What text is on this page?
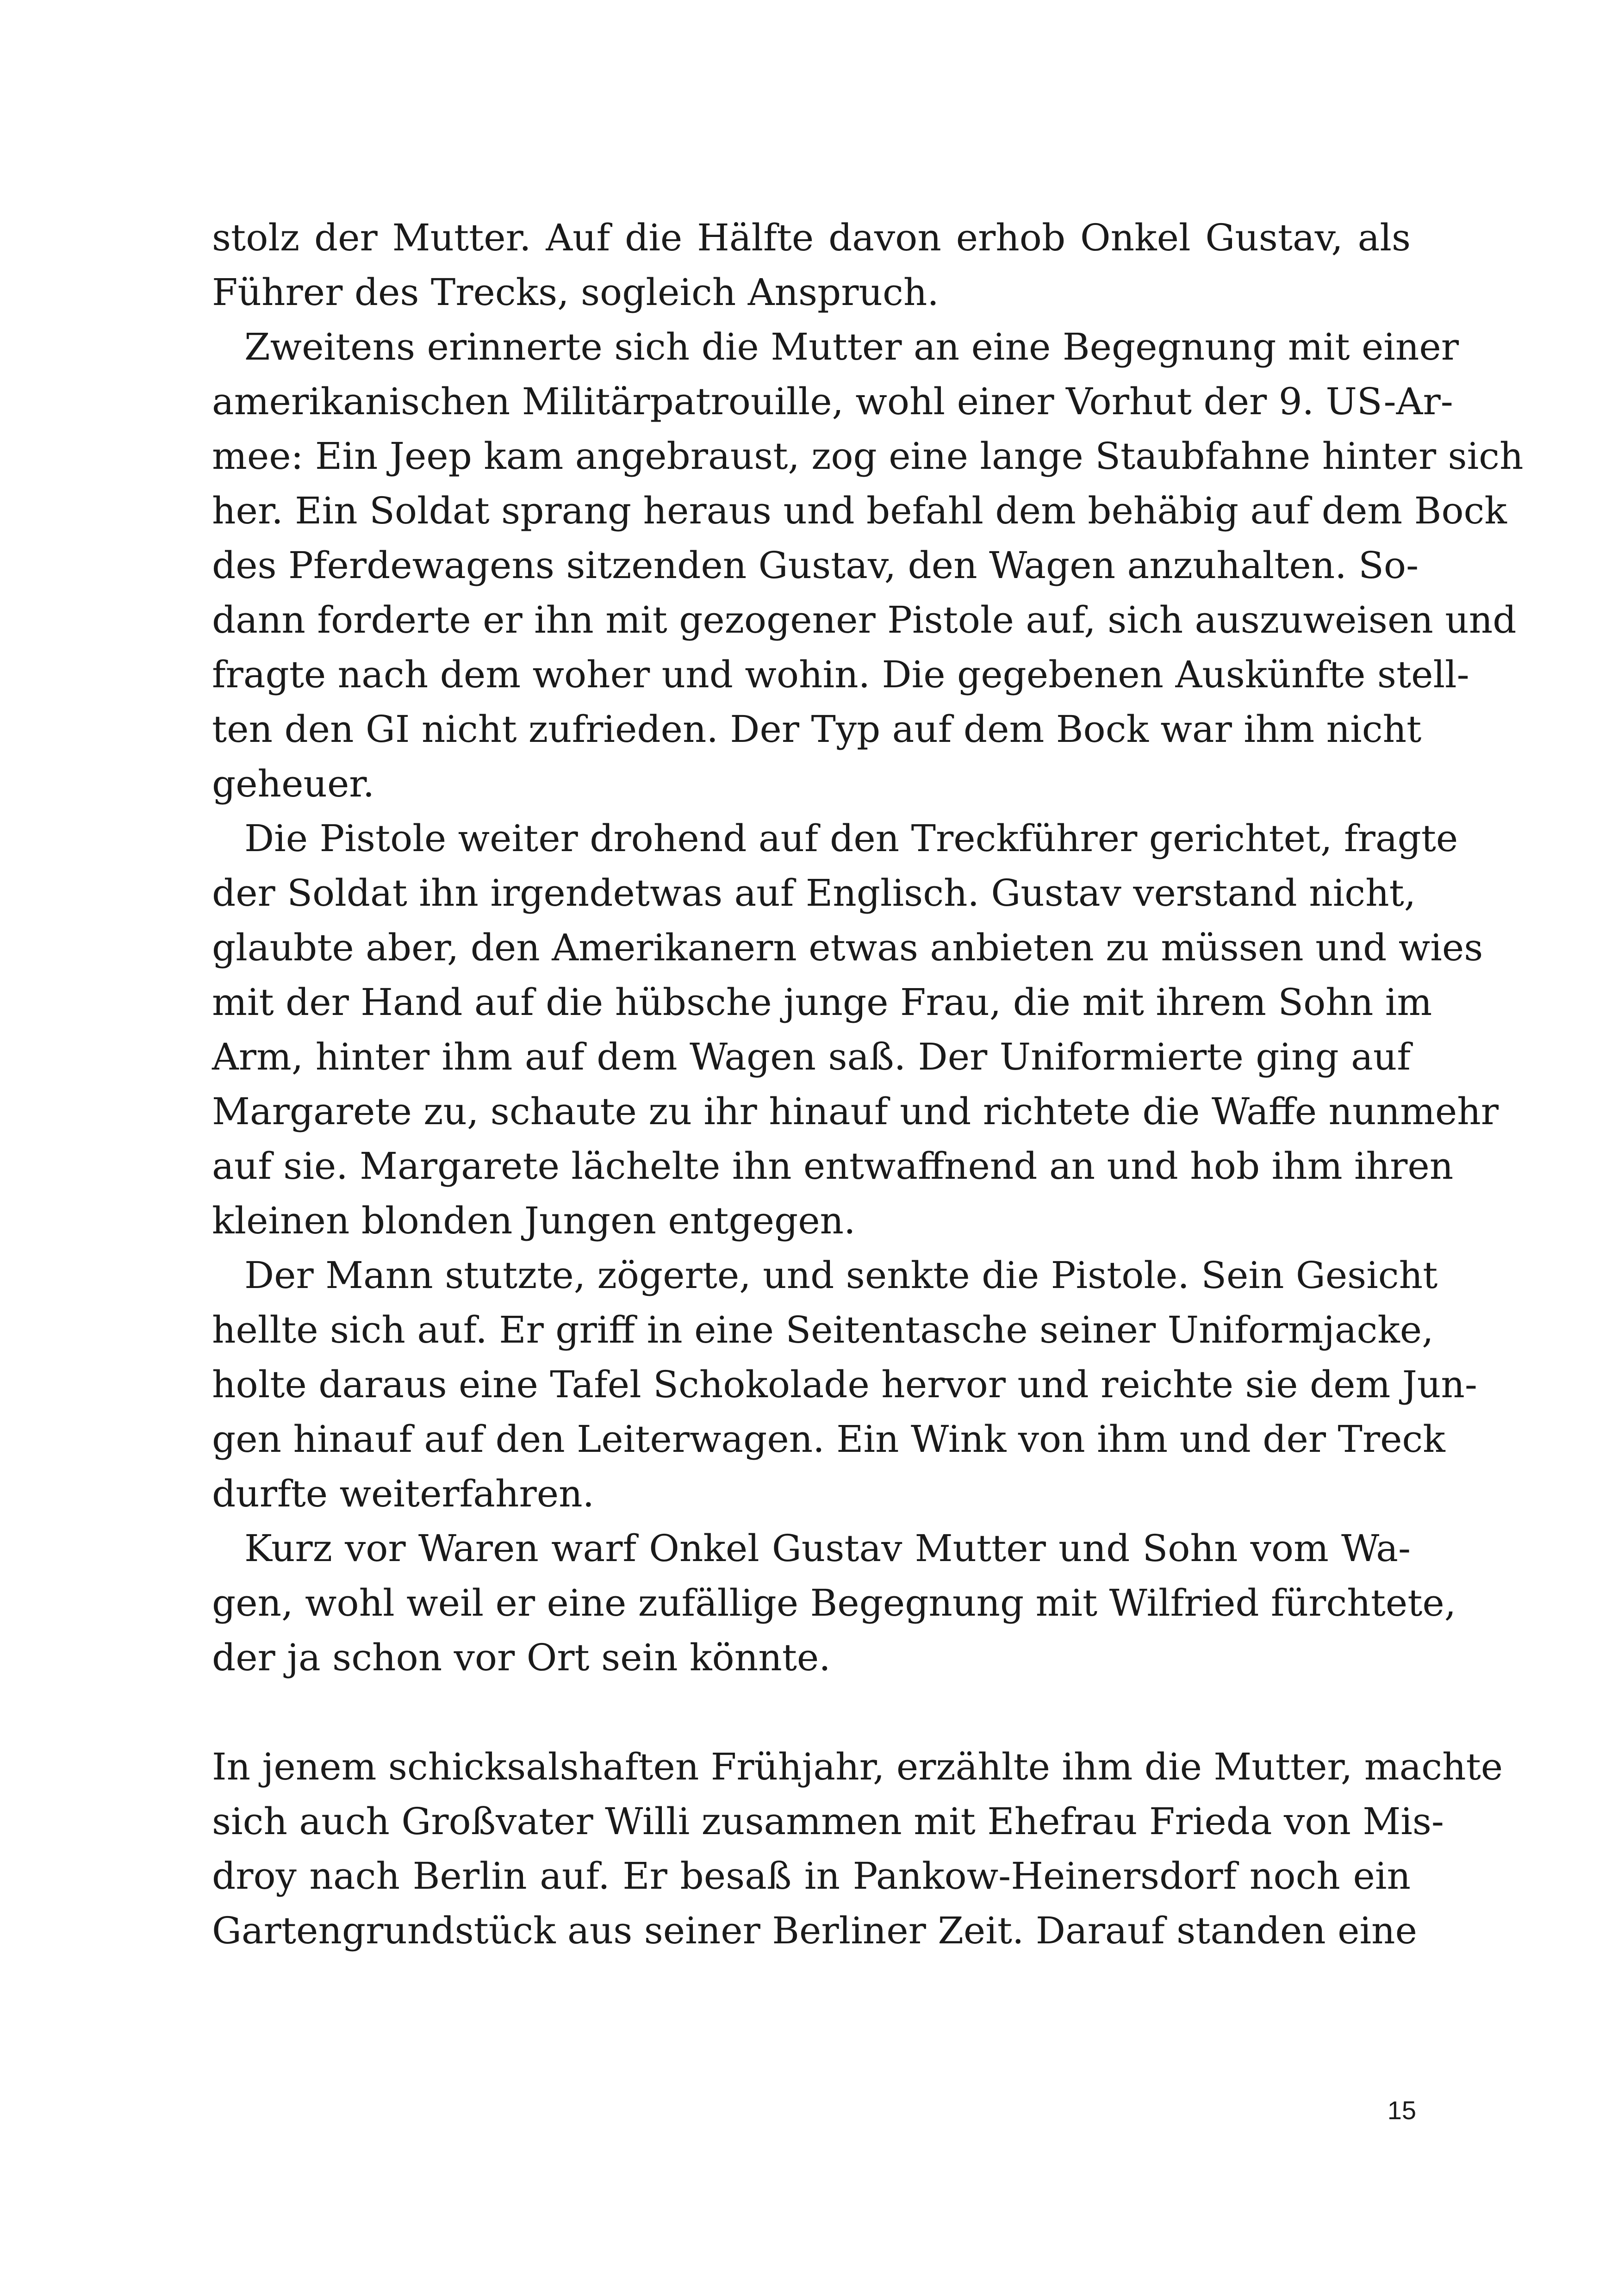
stolz der Mutter. Auf die Hälfte davon erhob Onkel Gustav, als
Führer des Trecks, sogleich Anspruch.
Zweitens erinnerte sich die Mutter an eine Begegnung mit einer
amerikanischen Militärpatrouille, wohl einer Vorhut der 9. US-Ar-
mee: Ein Jeep kam angebraust, zog eine lange Staubfahne hinter sich
her. Ein Soldat sprang heraus und befahl dem behäbig auf dem Bock
des Pferdewagens sitzenden Gustav, den Wagen anzuhalten. So-
dann forderte er ihn mit gezogener Pistole auf, sich auszuweisen und
fragte nach dem woher und wohin. Die gegebenen Auskünfte stell-
ten den GI nicht zufrieden. Der Typ auf dem Bock war ihm nicht
geheuer.
Die Pistole weiter drohend auf den Treckführer gerichtet, fragte
der Soldat ihn irgendetwas auf Englisch. Gustav verstand nicht,
glaubte aber, den Amerikanern etwas anbieten zu müssen und wies
mit der Hand auf die hübsche junge Frau, die mit ihrem Sohn im
Arm, hinter ihm auf dem Wagen saß. Der Uniformierte ging auf
Margarete zu, schaute zu ihr hinauf und richtete die Waffe nunmehr
auf sie. Margarete lächelte ihn entwaffnend an und hob ihm ihren
kleinen blonden Jungen entgegen.
Der Mann stutzte, zögerte, und senkte die Pistole. Sein Gesicht
hellte sich auf. Er griff in eine Seitentasche seiner Uniformjacke,
holte daraus eine Tafel Schokolade hervor und reichte sie dem Jun-
gen hinauf auf den Leiterwagen. Ein Wink von ihm und der Treck
durfte weiterfahren.
Kurz vor Waren warf Onkel Gustav Mutter und Sohn vom Wa-
gen, wohl weil er eine zufällige Begegnung mit Wilfried fürchtete,
der ja schon vor Ort sein könnte.
In jenem schicksalshaften Frühjahr, erzählte ihm die Mutter, machte
sich auch Großvater Willi zusammen mit Ehefrau Frieda von Mis-
droy nach Berlin auf. Er besaß in Pankow-Heinersdorf noch ein
Gartengrundstück aus seiner Berliner Zeit. Darauf standen eine
15
